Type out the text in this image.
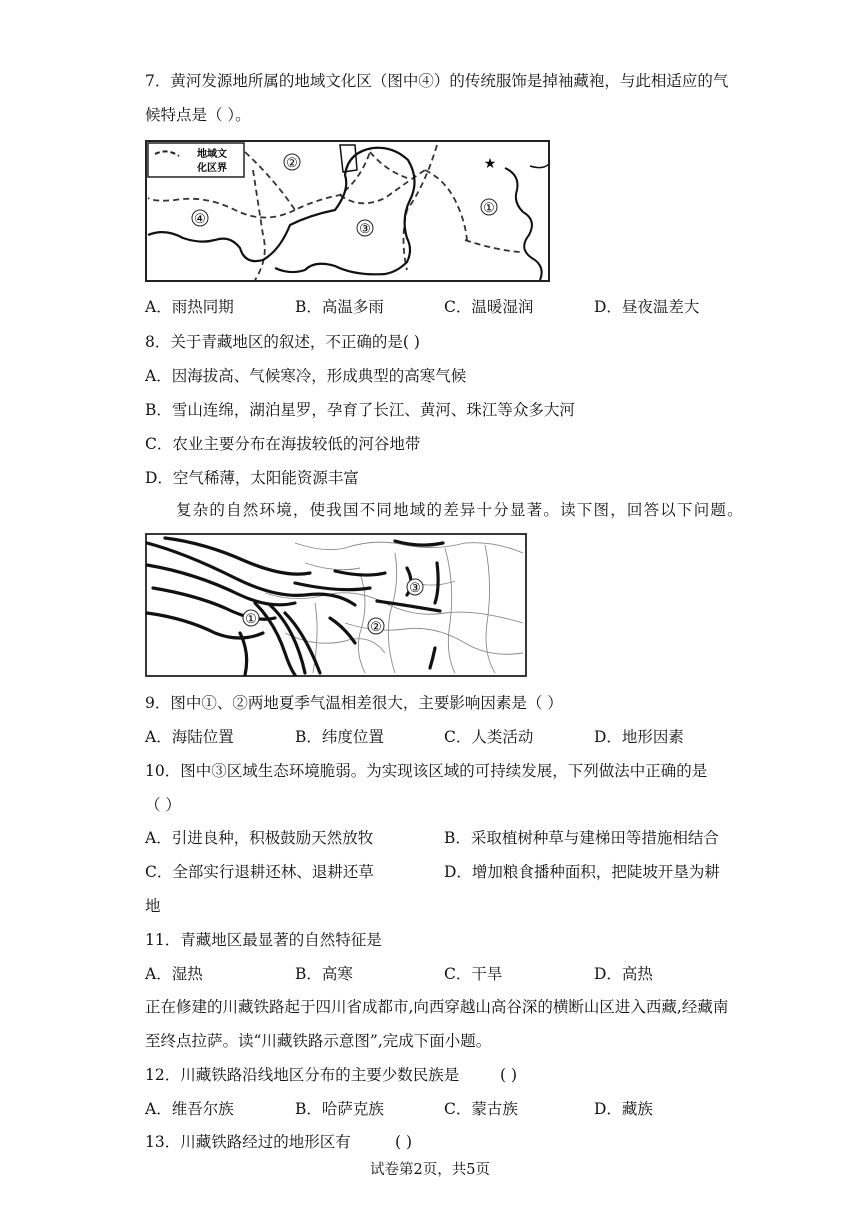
7．黄河发源地所属的地域文化区（图中④）的传统服饰是掉袖藏袍，与此相适应的气
候特点是（ ）。
地域文
化区界	②
③
④
①
★
A．雨热同期	B．高温多雨	C．温暖湿润	D．昼夜温差大
8．关于青藏地区的叙述，不正确的是( )
A．因海拔高、气候寒冷，形成典型的高寒气候
B．雪山连绵，湖泊星罗，孕育了长江、黄河、珠江等众多大河
C．农业主要分布在海拔较低的河谷地带
D．空气稀薄，太阳能资源丰富
复杂的自然环境，使我国不同地域的差异十分显著。读下图，回答以下问题。
①
②
③
9．图中①、②两地夏季气温相差很大，主要影响因素是（ ）
A．海陆位置	B．纬度位置	C．人类活动	D．地形因素
10．图中③区域生态环境脆弱。为实现该区域的可持续发展，下列做法中正确的是
（ ）
A．引进良种，积极鼓励天然放牧	B．采取植树种草与建梯田等措施相结合
C．全部实行退耕还林、退耕还草	D．增加粮食播种面积，把陡坡开垦为耕
地
11．青藏地区最显著的自然特征是
A．湿热	B．高寒	C．干旱	D．高热
正在修建的川藏铁路起于四川省成都市,向西穿越山高谷深的横断山区进入西藏,经藏南
至终点拉萨。读“川藏铁路示意图”,完成下面小题。
12．川藏铁路沿线地区分布的主要少数民族是	( )
A．维吾尔族	B．哈萨克族	C．蒙古族	D．藏族
13．川藏铁路经过的地形区有	( )
试卷第2页，共5页
